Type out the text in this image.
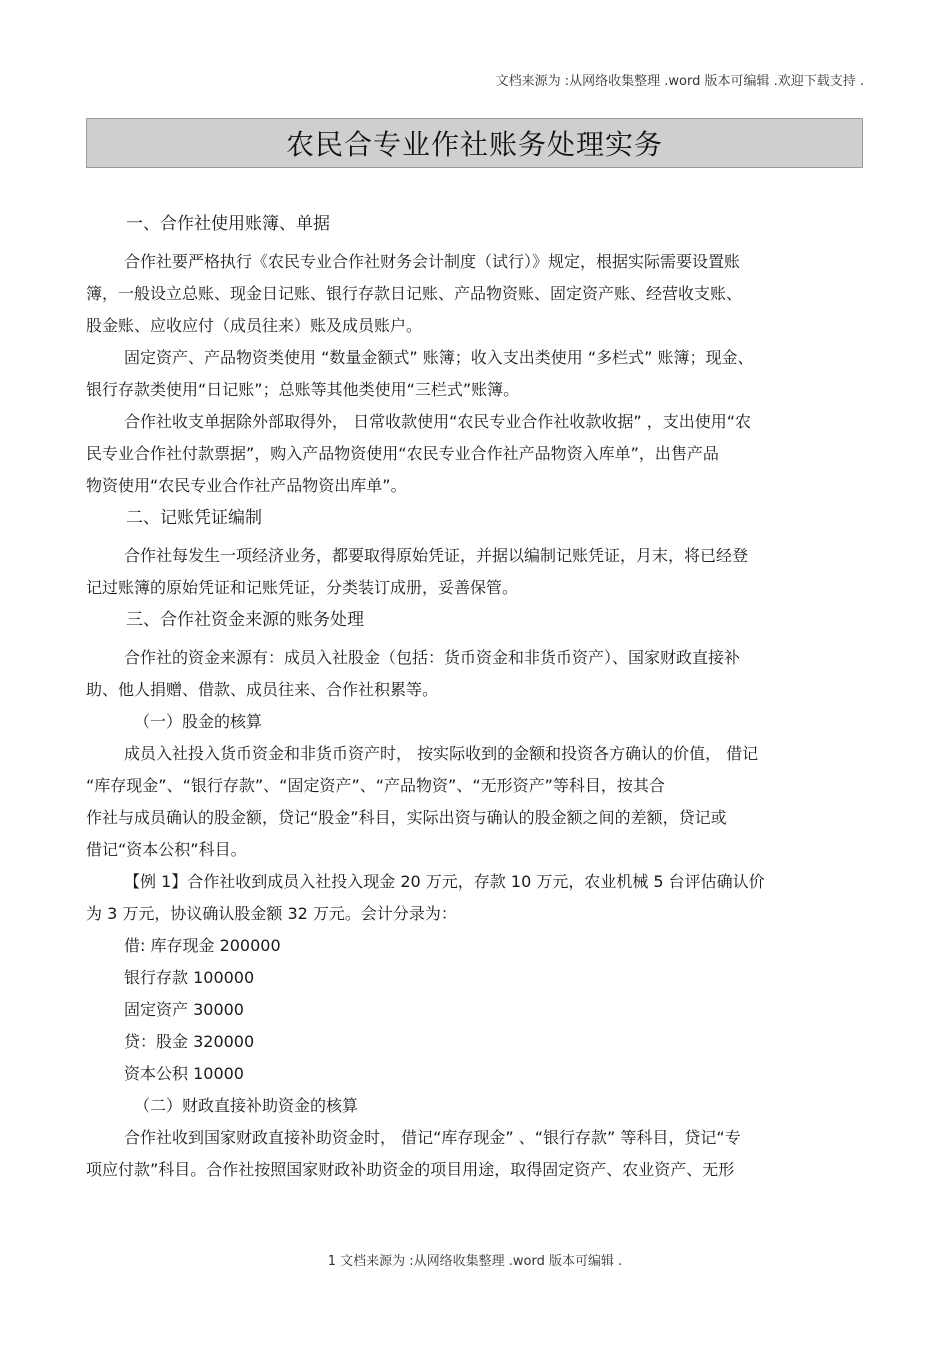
文档来源为 :从网络收集整理 .word 版本可编辑 .欢迎下载支持 .
农民合专业作社账务处理实务

一、合作社使用账簿、单据

合作社要严格执行《农民专业合作社财务会计制度（试行）》规定，根据实际需要设置账
簿，一般设立总账、现金日记账、银行存款日记账、产品物资账、固定资产账、经营收支账、
股金账、应收应付（成员往来）账及成员账户。

固定资产、产品物资类使用 “数量金额式” 账簿；收入支出类使用 “多栏式” 账簿；现金、
银行存款类使用“日记账”；总账等其他类使用“三栏式”账簿。

合作社收支单据除外部取得外， 日常收款使用“农民专业合作社收款收据” ，支出使用“农
民专业合作社付款票据”，购入产品物资使用“农民专业合作社产品物资入库单”，出售产品
物资使用“农民专业合作社产品物资出库单”。

二、记账凭证编制

合作社每发生一项经济业务，都要取得原始凭证，并据以编制记账凭证，月末，将已经登
记过账簿的原始凭证和记账凭证，分类装订成册，妥善保管。

三、合作社资金来源的账务处理

合作社的资金来源有：成员入社股金（包括：货币资金和非货币资产）、国家财政直接补
助、他人捐赠、借款、成员往来、合作社积累等。

（一）股金的核算

成员入社投入货币资金和非货币资产时， 按实际收到的金额和投资各方确认的价值， 借记
“库存现金”、“银行存款”、“固定资产”、“产品物资”、“无形资产”等科目，按其合
作社与成员确认的股金额，贷记“股金”科目，实际出资与确认的股金额之间的差额，贷记或
借记“资本公积”科目。

【例 1】合作社收到成员入社投入现金 20 万元，存款 10 万元，农业机械 5 台评估确认价
为 3 万元，协议确认股金额 32 万元。会计分录为：

借: 库存现金 200000
银行存款 100000
固定资产 30000
贷：股金 320000
资本公积 10000

（二）财政直接补助资金的核算

合作社收到国家财政直接补助资金时， 借记“库存现金” 、“银行存款” 等科目，贷记“专
项应付款”科目。合作社按照国家财政补助资金的项目用途，取得固定资产、农业资产、无形

1 文档来源为 :从网络收集整理 .word 版本可编辑 .
